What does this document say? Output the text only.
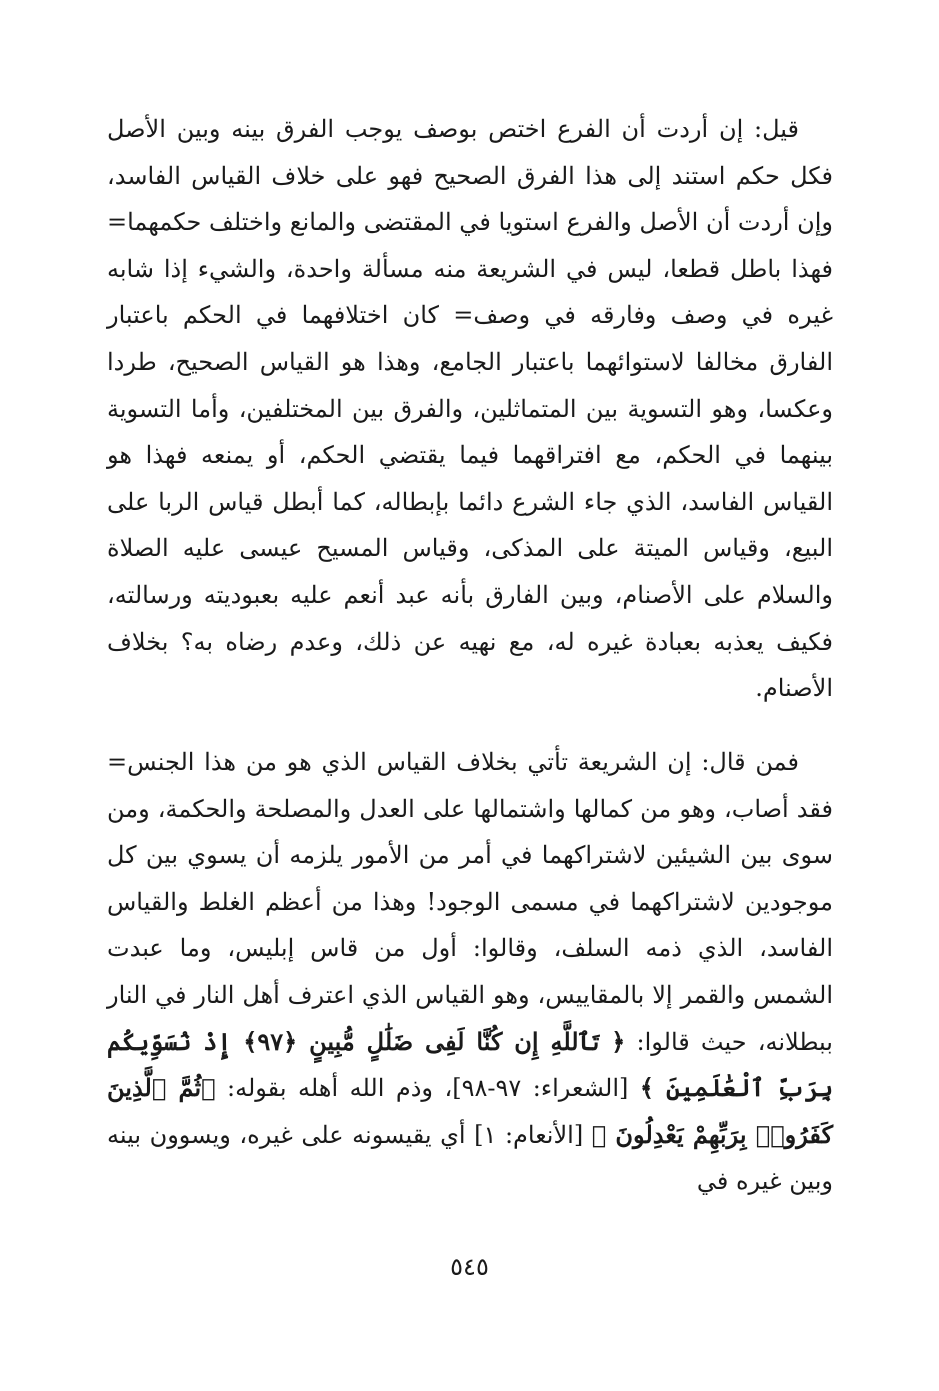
قيل: إن أردت أن الفرع اختص بوصف يوجب الفرق بينه وبين الأصل فكل حكم استند إلى هذا الفرق الصحيح فهو على خلاف القياس الفاسد، وإن أردت أن الأصل والفرع استويا في المقتضى والمانع واختلف حكمهما= فهذا باطل قطعا، ليس في الشريعة منه مسألة واحدة، والشيء إذا شابه غيره في وصف وفارقه في وصف= كان اختلافهما في الحكم باعتبار الفارق مخالفا لاستوائهما باعتبار الجامع، وهذا هو القياس الصحيح، طردا وعكسا، وهو التسوية بين المتماثلين، والفرق بين المختلفين، وأما التسوية بينهما في الحكم، مع افتراقهما فيما يقتضي الحكم، أو يمنعه فهذا هو القياس الفاسد، الذي جاء الشرع دائما بإبطاله، كما أبطل قياس الربا على البيع، وقياس الميتة على المذكى، وقياس المسيح عيسى عليه الصلاة والسلام على الأصنام، وبين الفارق بأنه عبد أنعم عليه بعبوديته ورسالته، فكيف يعذبه بعبادة غيره له، مع نهيه عن ذلك، وعدم رضاه به؟ بخلاف الأصنام.

فمن قال: إن الشريعة تأتي بخلاف القياس الذي هو من هذا الجنس= فقد أصاب، وهو من كمالها واشتمالها على العدل والمصلحة والحكمة، ومن سوى بين الشيئين لاشتراكهما في أمر من الأمور يلزمه أن يسوي بين كل موجودين لاشتراكهما في مسمى الوجود! وهذا من أعظم الغلط والقياس الفاسد، الذي ذمه السلف، وقالوا: أول من قاس إبليس، وما عبدت الشمس والقمر إلا بالمقاييس، وهو القياس الذي اعترف أهل النار في النار ببطلانه، حيث قالوا: ﴿ تَٱللَّهِ إِن كُنَّا لَفِى ضَلَٰلٍ مُّبِينٍ ﴿٩٧﴾ إِذْ نُسَوِّيكُم بِرَبِّ ٱلْعَٰلَمِينَ ﴾ [الشعراء: ٩٧-٩٨]، وذم الله أهله بقوله: ﴿ثُمَّ ٱلَّذِينَ كَفَرُوا۟ بِرَبِّهِمْ يَعْدِلُونَ ﴾ [الأنعام: ١] أي يقيسونه على غيره، ويسوون بينه وبين غيره في

٥٤٥
